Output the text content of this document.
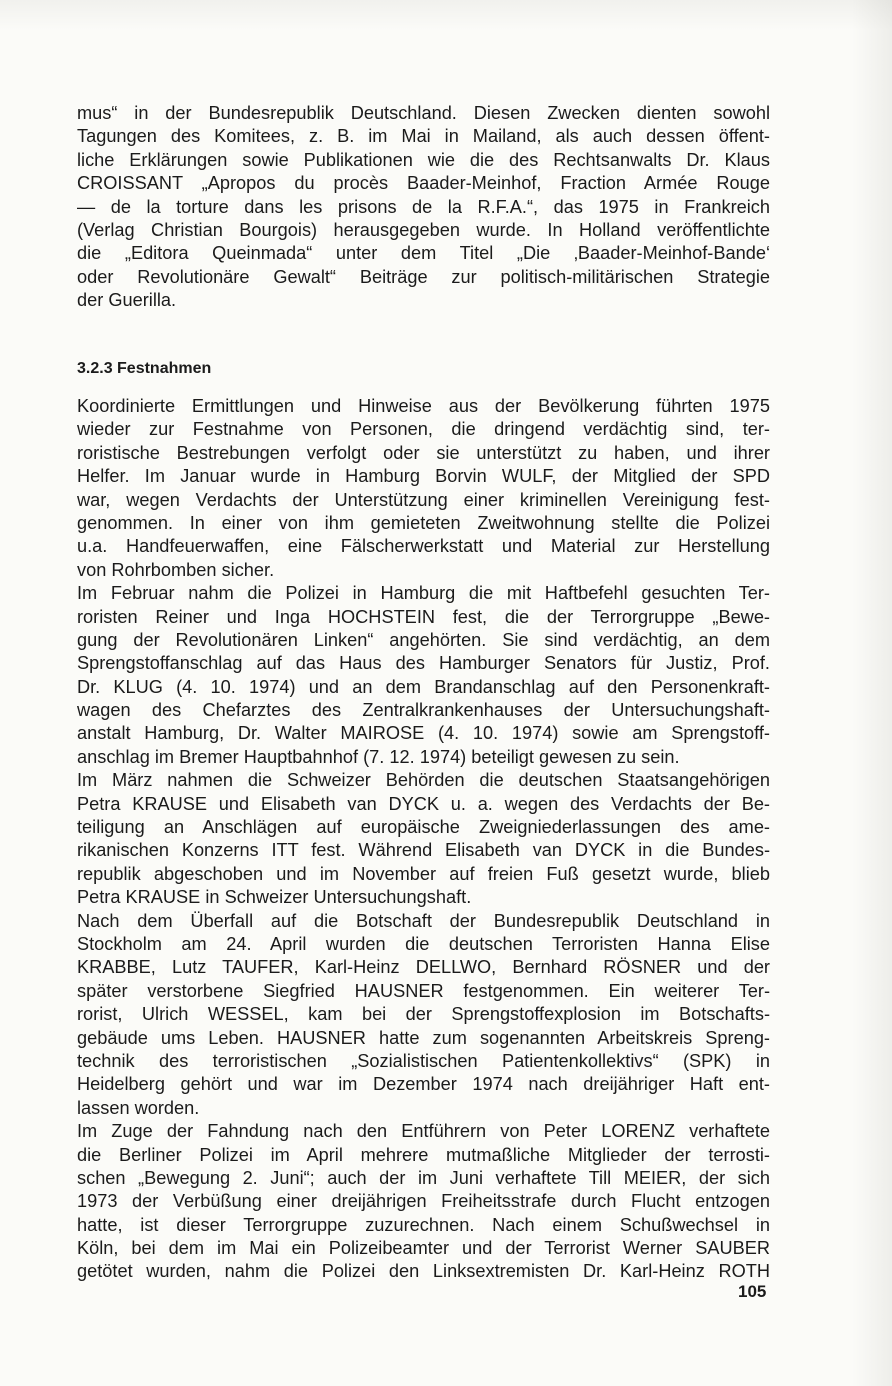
mus“ in der Bundesrepublik Deutschland. Diesen Zwecken dienten sowohl
Tagungen des Komitees, z. B. im Mai in Mailand, als auch dessen öffent-
liche Erklärungen sowie Publikationen wie die des Rechtsanwalts Dr. Klaus
CROISSANT „Apropos du procès Baader-Meinhof, Fraction Armée Rouge
— de la torture dans les prisons de la R.F.A.“, das 1975 in Frankreich
(Verlag Christian Bourgois) herausgegeben wurde. In Holland veröffentlichte
die „Editora Queinmada“ unter dem Titel „Die ‚Baader-Meinhof-Bande‘
oder Revolutionäre Gewalt“ Beiträge zur politisch-militärischen Strategie
der Guerilla.
3.2.3 Festnahmen
Koordinierte Ermittlungen und Hinweise aus der Bevölkerung führten 1975
wieder zur Festnahme von Personen, die dringend verdächtig sind, ter-
roristische Bestrebungen verfolgt oder sie unterstützt zu haben, und ihrer
Helfer. Im Januar wurde in Hamburg Borvin WULF, der Mitglied der SPD
war, wegen Verdachts der Unterstützung einer kriminellen Vereinigung fest-
genommen. In einer von ihm gemieteten Zweitwohnung stellte die Polizei
u.a. Handfeuerwaffen, eine Fälscherwerkstatt und Material zur Herstellung
von Rohrbomben sicher.
Im Februar nahm die Polizei in Hamburg die mit Haftbefehl gesuchten Ter-
roristen Reiner und Inga HOCHSTEIN fest, die der Terrorgruppe „Bewe-
gung der Revolutionären Linken“ angehörten. Sie sind verdächtig, an dem
Sprengstoffanschlag auf das Haus des Hamburger Senators für Justiz, Prof.
Dr. KLUG (4. 10. 1974) und an dem Brandanschlag auf den Personenkraft-
wagen des Chefarztes des Zentralkrankenhauses der Untersuchungshaft-
anstalt Hamburg, Dr. Walter MAIROSE (4. 10. 1974) sowie am Sprengstoff-
anschlag im Bremer Hauptbahnhof (7. 12. 1974) beteiligt gewesen zu sein.
Im März nahmen die Schweizer Behörden die deutschen Staatsangehörigen
Petra KRAUSE und Elisabeth van DYCK u. a. wegen des Verdachts der Be-
teiligung an Anschlägen auf europäische Zweigniederlassungen des ame-
rikanischen Konzerns ITT fest. Während Elisabeth van DYCK in die Bundes-
republik abgeschoben und im November auf freien Fuß gesetzt wurde, blieb
Petra KRAUSE in Schweizer Untersuchungshaft.
Nach dem Überfall auf die Botschaft der Bundesrepublik Deutschland in
Stockholm am 24. April wurden die deutschen Terroristen Hanna Elise
KRABBE, Lutz TAUFER, Karl-Heinz DELLWO, Bernhard RÖSNER und der
später verstorbene Siegfried HAUSNER festgenommen. Ein weiterer Ter-
rorist, Ulrich WESSEL, kam bei der Sprengstoffexplosion im Botschafts-
gebäude ums Leben. HAUSNER hatte zum sogenannten Arbeitskreis Spreng-
technik des terroristischen „Sozialistischen Patientenkollektivs“ (SPK) in
Heidelberg gehört und war im Dezember 1974 nach dreijähriger Haft ent-
lassen worden.
Im Zuge der Fahndung nach den Entführern von Peter LORENZ verhaftete
die Berliner Polizei im April mehrere mutmaßliche Mitglieder der terrosti-
schen „Bewegung 2. Juni“; auch der im Juni verhaftete Till MEIER, der sich
1973 der Verbüßung einer dreijährigen Freiheitsstrafe durch Flucht entzogen
hatte, ist dieser Terrorgruppe zuzurechnen. Nach einem Schußwechsel in
Köln, bei dem im Mai ein Polizeibeamter und der Terrorist Werner SAUBER
getötet wurden, nahm die Polizei den Linksextremisten Dr. Karl-Heinz ROTH
105
